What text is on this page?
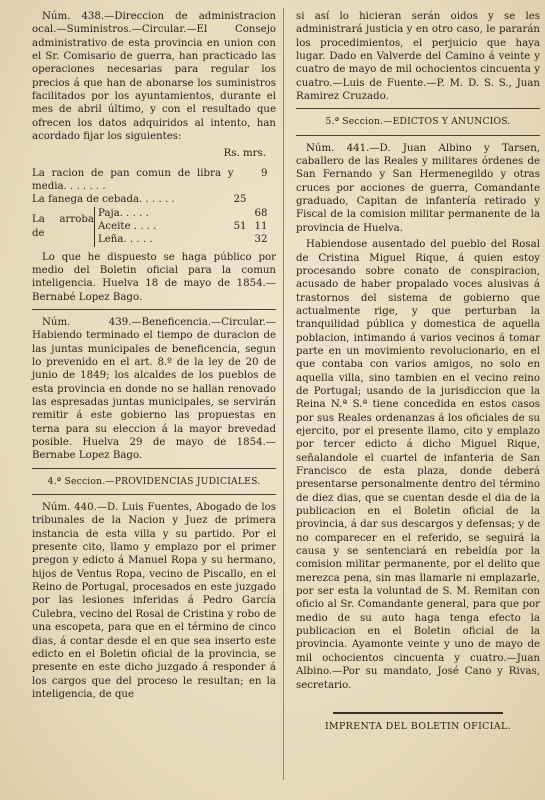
Núm. 438.—Direccion de administracion ocal.—Suministros.—Circular.—El Consejo administrativo de esta provincia en union con el Sr. Comisario de guerra, han practicado las operaciones necesarias para regular los precios á que han de abonarse los suministros facilitados por los ayuntamientos, durante el mes de abril último, y con el resultado que ofrecen los datos adquiridos al intento, han acordado fijar los siguientes:

Rs. mrs.

La racion de pan comun de libra y media. . . . . . .			9
La fanega de cebada. . . . . .		25	
La arroba de	Paja. . . . .		68
	Aceite . . . .	51	11
	Leña. . . . .		32

Lo que he dispuesto se haga público por medio del Boletin oficial para la comun inteligencia. Huelva 18 de mayo de 1854.—Bernabé Lopez Bago.

Núm. 439.—Beneficencia.—Circular.—Habiendo terminado el tiempo de duracion de las juntas municipales de beneficencia, segun lo prevenido en el art. 8.º de la ley de 20 de junio de 1849; los alcaldes de los pueblos de esta provincia en donde no se hallan renovado las espresadas juntas municipales, se servirán remitir á este gobierno las propuestas en terna para su eleccion á la mayor brevedad posible. Huelva 29 de mayo de 1854.—Bernabe Lopez Bago.

4.ª Seccion.—PROVIDENCIAS JUDICIALES.

Núm. 440.—D. Luis Fuentes, Abogado de los tribunales de la Nacion y Juez de primera instancia de esta villa y su partido. Por el presente cito, llamo y emplazo por el primer pregon y edicto á Manuel Ropa y su hermano, hijos de Ventus Ropa, vecino de Piscallo, en el Reino de Portugal, procesados en este juzgado por las lesiones inferidas á Pedro García Culebra, vecino del Rosal de Cristina y robo de una escopeta, para que en el término de cinco dias, á contar desde el en que sea inserto este edicto en el Boletin oficial de la provincia, se presente en este dicho juzgado á responder á los cargos que del proceso le resultan; en la inteligencia, de que

si así lo hicieran serán oidos y se les administrará justicia y en otro caso, le pararán los procedimientos, el perjuicio que haya lugar. Dado en Valverde del Camino á veinte y cuatro de mayo de mil ochocientos cincuenta y cuatro.—Luis de Fuente.—P. M. D. S. S., Juan Ramirez Cruzado.

5.ª Seccion.—EDICTOS Y ANUNCIOS.

Núm. 441.—D. Juan Albino y Tarsen, caballero de las Reales y militares órdenes de San Fernando y San Hermenegildo y otras cruces por acciones de guerra, Comandante graduado, Capitan de infantería retirado y Fiscal de la comision militar permanente de la provincia de Huelva.

Habiendose ausentado del pueblo del Rosal de Cristina Miguel Rique, á quien estoy procesando sobre conato de conspiracion, acusado de haber propalado voces alusivas á trastornos del sistema de gobierno que actualmente rige, y que perturban la tranquilidad pública y domestica de aquella poblacion, intimando á varios vecinos á tomar parte en un movimiento revolucionario, en el que contaba con varios amigos, no solo en aquella villa, sino tambien en el vecino reino de Portugal; usando de la jurisdiccion que la Reina N.ª S.ª tiene concedida en estos casos por sus Reales ordenanzas á los oficiales de su ejercito, por el presente llamo, cito y emplazo por tercer edicto á dicho Miguel Rique, señalandole el cuartel de infanteria de San Francisco de esta plaza, donde deberá presentarse personalmente dentro del término de diez dias, que se cuentan desde el dia de la publicacion en el Boletin oficial de la provincia, á dar sus descargos y defensas; y de no comparecer en el referido, se seguirá la causa y se sentenciará en rebeldía por la comision militar permanente, por el delito que merezca pena, sin mas llamarle ni emplazarle, por ser esta la voluntad de S. M. Remitan con oficio al Sr. Comandante general, para que por medio de su auto haga tenga efecto la publicacion en el Boletin oficial de la provincia. Ayamonte veinte y uno de mayo de mil ochocientos cincuenta y cuatro.—Juan Albino.—Por su mandato, José Cano y Rivas, secretario.

IMPRENTA DEL BOLETIN OFICIAL.
